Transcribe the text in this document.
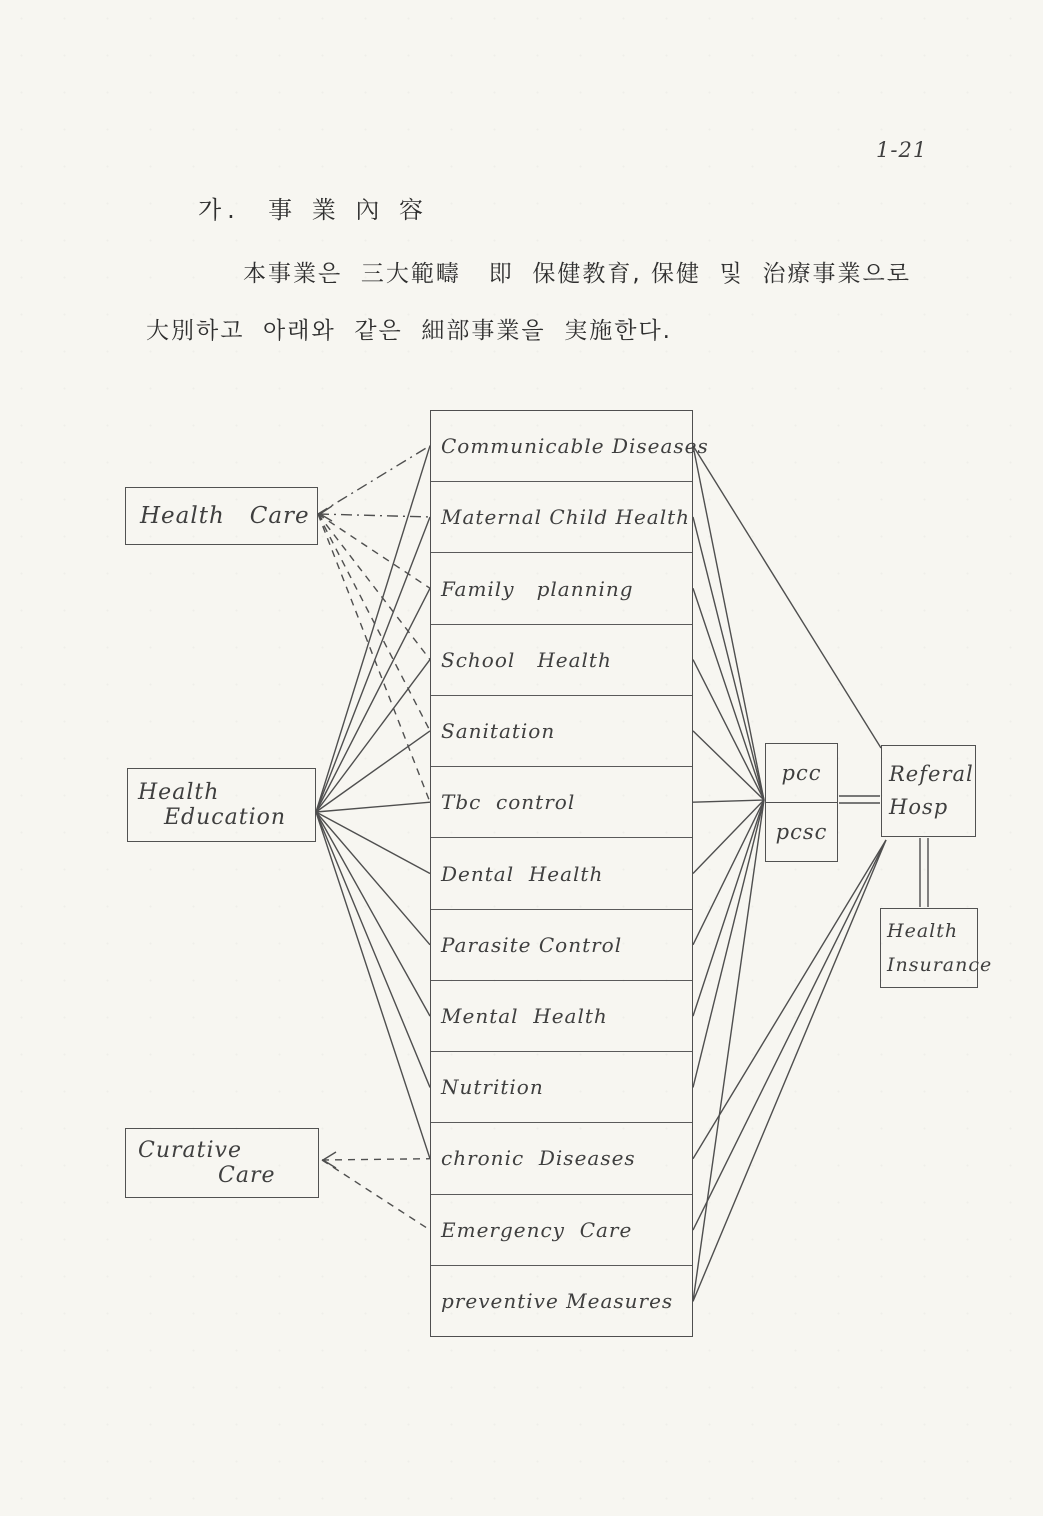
1-21
가.  事 業 內 容
本事業은  三大範疇   即  保健教育, 保健  및  治療事業으로
大別하고  아래와  같은  細部事業을  実施한다.
Health   Care
Health
Education
Curative
Care
Communicable Diseases
Maternal Child Health
Family   planning
School   Health
Sanitation
Tbc  control
Dental  Health
Parasite Control
Mental  Health
Nutrition
chronic  Diseases
Emergency  Care
preventive Measures
pcc
pcsc
Referal
Hosp
Health
Insurance
